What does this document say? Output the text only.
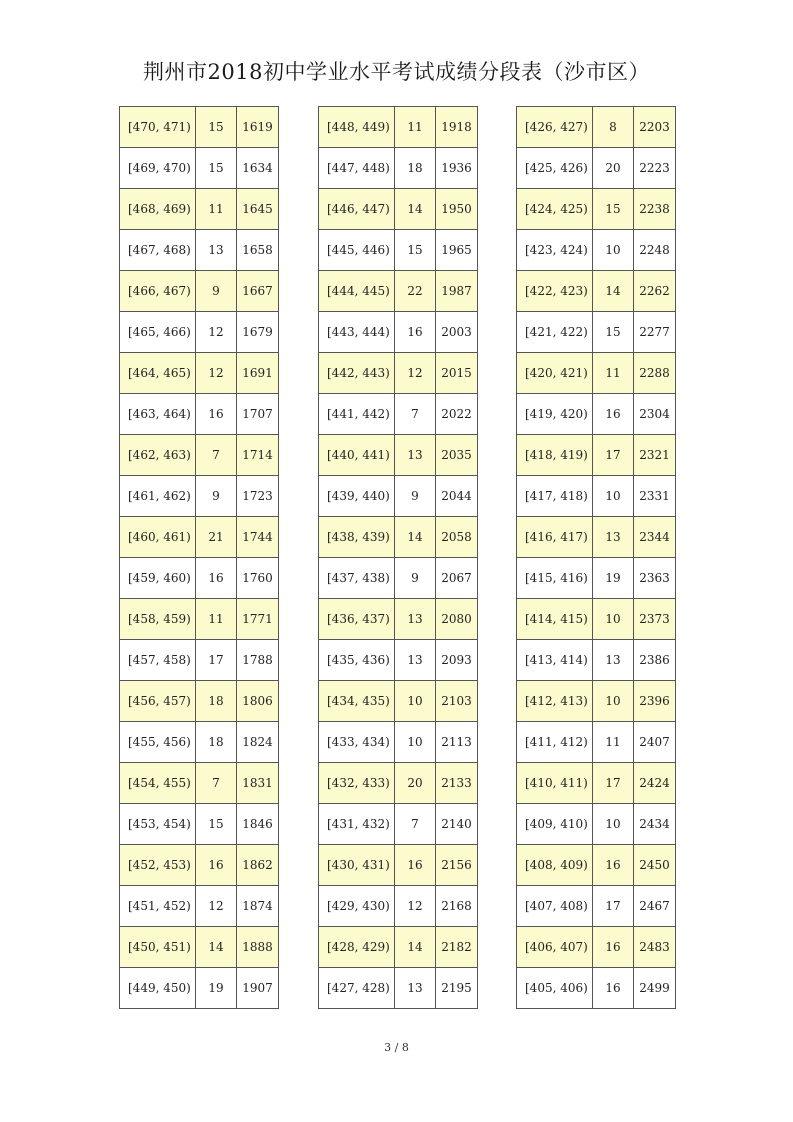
荆州市2018初中学业水平考试成绩分段表（沙市区）
[470, 471)	15	1619
[469, 470)	15	1634
[468, 469)	11	1645
[467, 468)	13	1658
[466, 467)	9	1667
[465, 466)	12	1679
[464, 465)	12	1691
[463, 464)	16	1707
[462, 463)	7	1714
[461, 462)	9	1723
[460, 461)	21	1744
[459, 460)	16	1760
[458, 459)	11	1771
[457, 458)	17	1788
[456, 457)	18	1806
[455, 456)	18	1824
[454, 455)	7	1831
[453, 454)	15	1846
[452, 453)	16	1862
[451, 452)	12	1874
[450, 451)	14	1888
[449, 450)	19	1907
[448, 449)	11	1918
[447, 448)	18	1936
[446, 447)	14	1950
[445, 446)	15	1965
[444, 445)	22	1987
[443, 444)	16	2003
[442, 443)	12	2015
[441, 442)	7	2022
[440, 441)	13	2035
[439, 440)	9	2044
[438, 439)	14	2058
[437, 438)	9	2067
[436, 437)	13	2080
[435, 436)	13	2093
[434, 435)	10	2103
[433, 434)	10	2113
[432, 433)	20	2133
[431, 432)	7	2140
[430, 431)	16	2156
[429, 430)	12	2168
[428, 429)	14	2182
[427, 428)	13	2195
[426, 427)	8	2203
[425, 426)	20	2223
[424, 425)	15	2238
[423, 424)	10	2248
[422, 423)	14	2262
[421, 422)	15	2277
[420, 421)	11	2288
[419, 420)	16	2304
[418, 419)	17	2321
[417, 418)	10	2331
[416, 417)	13	2344
[415, 416)	19	2363
[414, 415)	10	2373
[413, 414)	13	2386
[412, 413)	10	2396
[411, 412)	11	2407
[410, 411)	17	2424
[409, 410)	10	2434
[408, 409)	16	2450
[407, 408)	17	2467
[406, 407)	16	2483
[405, 406)	16	2499
3 / 8
